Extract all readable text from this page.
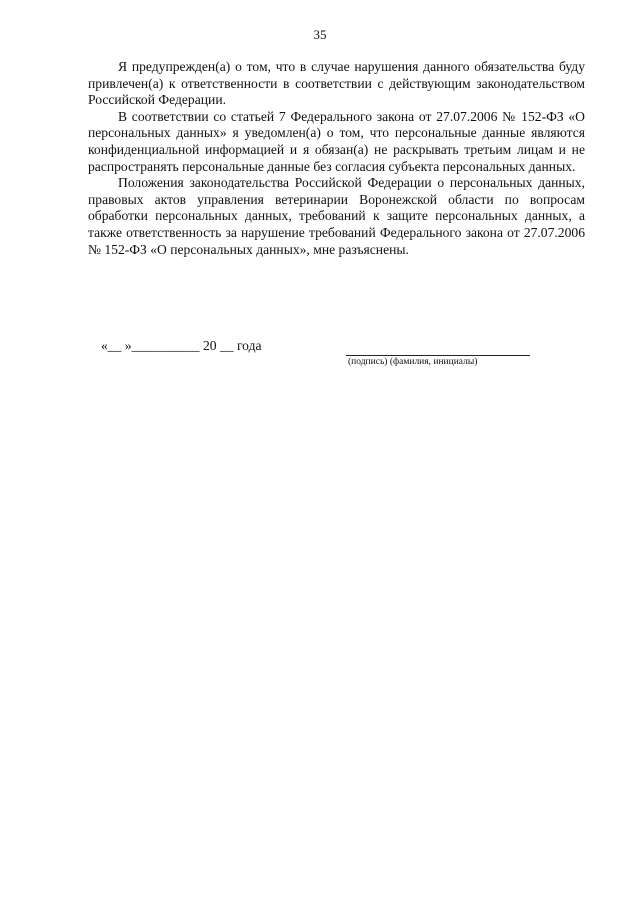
35

Я предупрежден(а) о том, что в случае нарушения данного обязательства буду привлечен(а) к ответственности в соответствии с действующим законодательством Российской Федерации.

В соответствии со статьей 7 Федерального закона от 27.07.2006 № 152-ФЗ «О персональных данных» я уведомлен(а) о том, что персональные данные являются конфиденциальной информацией и я обязан(а) не раскрывать третьим лицам и не распространять персональные данные без согласия субъекта персональных данных.

Положения законодательства Российской Федерации о персональных данных, правовых актов управления ветеринарии Воронежской области по вопросам обработки персональных данных, требований к защите персональных данных, а также ответственность за нарушение требований Федерального закона от 27.07.2006 № 152-ФЗ «О персональных данных», мне разъяснены.

«__ »__________ 20 __ года
(подпись) (фамилия, инициалы)
